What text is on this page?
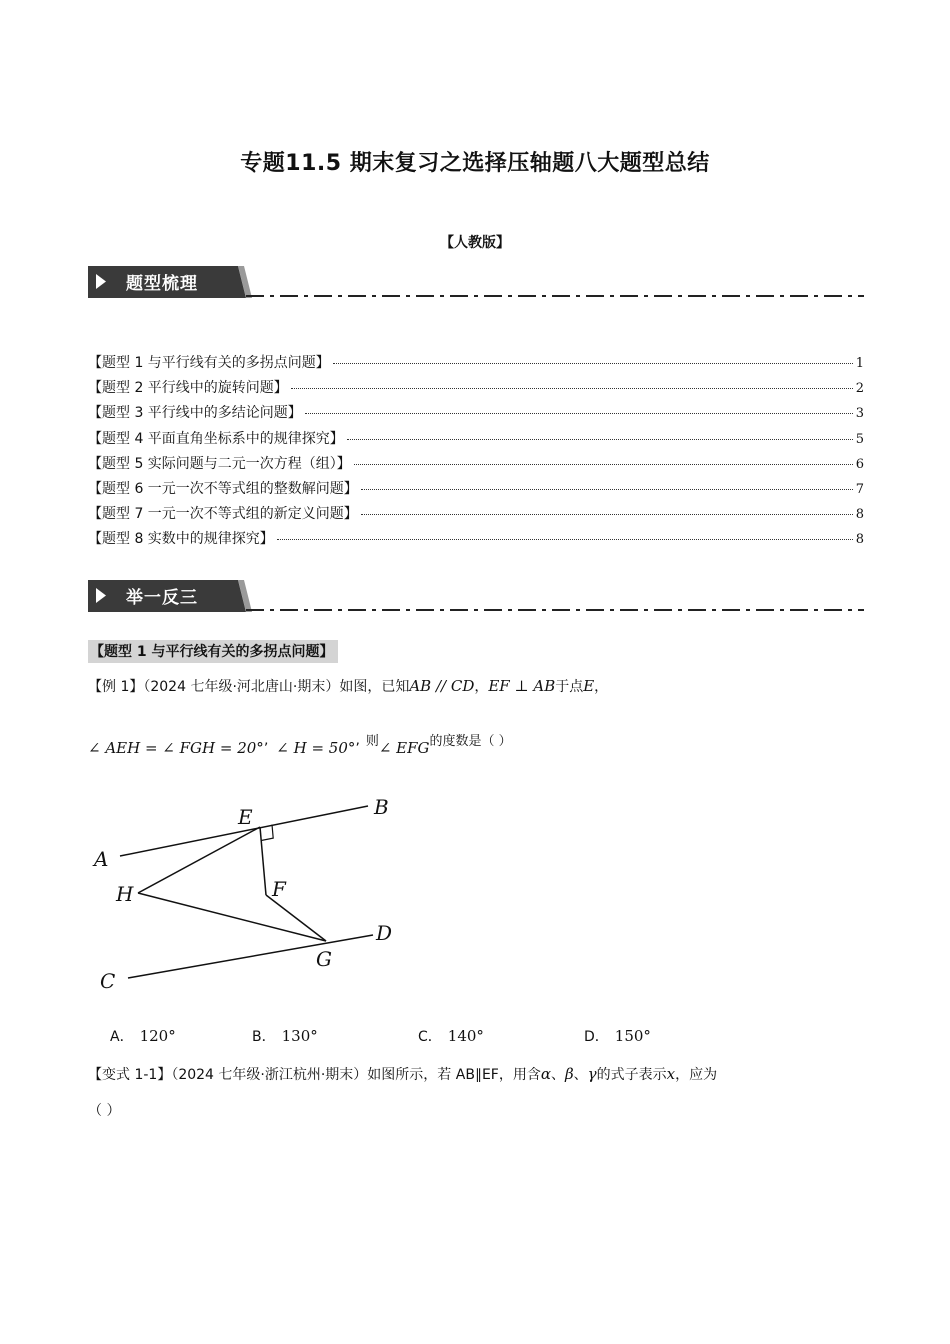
专题11.5 期末复习之选择压轴题八大题型总结
【人教版】
题型梳理
【题型 1 与平行线有关的多拐点问题】	1
【题型 2 平行线中的旋转问题】	2
【题型 3 平行线中的多结论问题】	3
【题型 4 平面直角坐标系中的规律探究】	5
【题型 5 实际问题与二元一次方程（组）】	6
【题型 6 一元一次不等式组的整数解问题】	7
【题型 7 一元一次不等式组的新定义问题】	8
【题型 8 实数中的规律探究】	8
举一反三
【题型 1 与平行线有关的多拐点问题】
【例 1】（2024 七年级·河北唐山·期末）如图，已知AB // CD，EF ⊥ AB于点E，
∠ AEH = ∠ FGH = 20°’ ∠ H = 50°’ 则∠ EFG的度数是（ ）
A
B
C
D
E
F
G
H
A． 120°	B． 130°	C． 140°	D． 150°
【变式 1-1】（2024 七年级·浙江杭州·期末）如图所示，若 AB∥EF，用含α、β、γ的式子表示x，应为
（ ）
